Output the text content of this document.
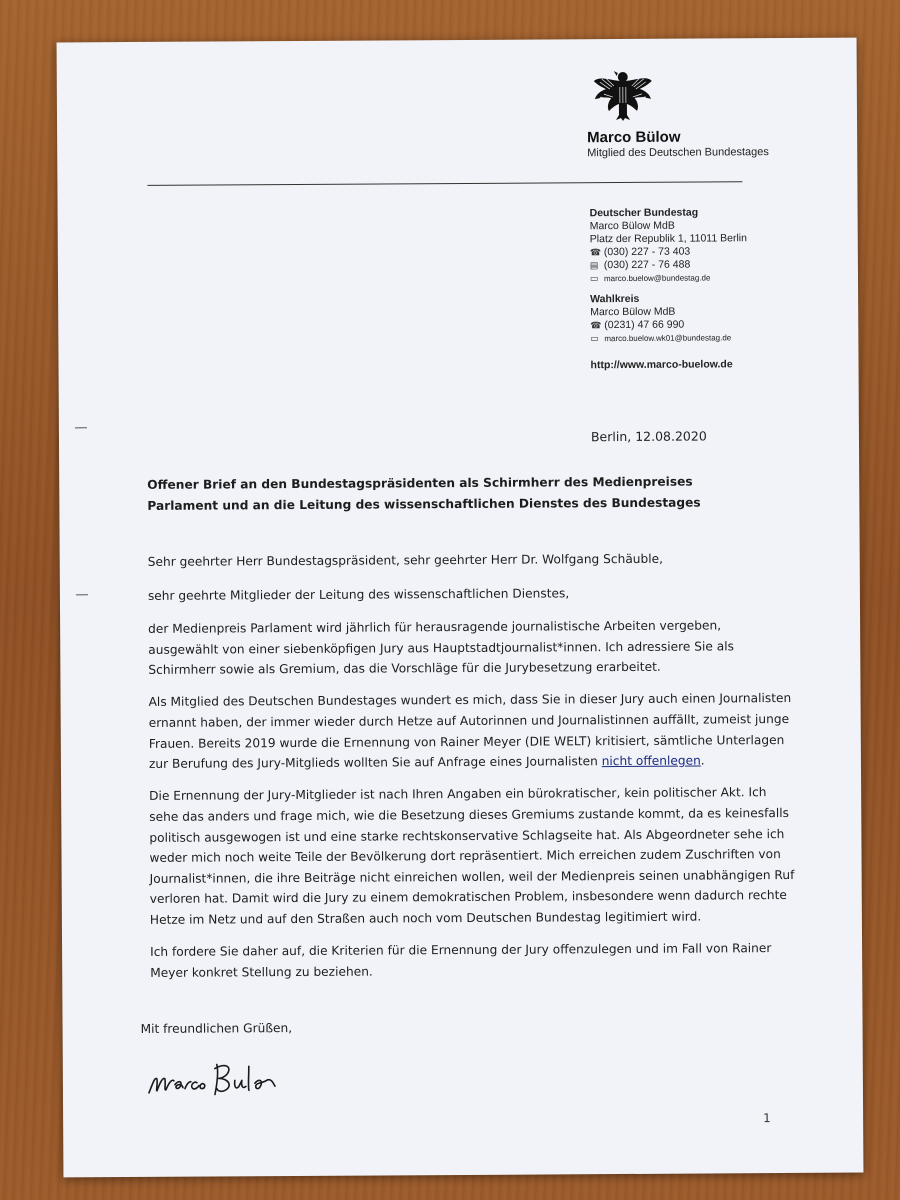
Marco Bülow
Mitglied des Deutschen Bundestages
Deutscher Bundestag
Marco Bülow MdB
Platz der Republik 1, 11011 Berlin
☎ (030) 227 - 73 403
▤ (030) 227 - 76 488
▭ marco.buelow@bundestag.de
Wahlkreis
Marco Bülow MdB
☎ (0231) 47 66 990
▭ marco.buelow.wk01@bundestag.de
http://www.marco-buelow.de
Berlin, 12.08.2020
Offener Brief an den Bundestagspräsidenten als Schirmherr des Medienpreises Parlament und an die Leitung des wissenschaftlichen Dienstes des Bundestages

Sehr geehrter Herr Bundestagspräsident, sehr geehrter Herr Dr. Wolfgang Schäuble,

sehr geehrte Mitglieder der Leitung des wissenschaftlichen Dienstes,

der Medienpreis Parlament wird jährlich für herausragende journalistische Arbeiten vergeben, ausgewählt von einer siebenköpfigen Jury aus Hauptstadtjournalist*innen. Ich adressiere Sie als Schirmherr sowie als Gremium, das die Vorschläge für die Jurybesetzung erarbeitet.

Als Mitglied des Deutschen Bundestages wundert es mich, dass Sie in dieser Jury auch einen Journalisten ernannt haben, der immer wieder durch Hetze auf Autorinnen und Journalistinnen auffällt, zumeist junge Frauen. Bereits 2019 wurde die Ernennung von Rainer Meyer (DIE WELT) kritisiert, sämtliche Unterlagen zur Berufung des Jury-Mitglieds wollten Sie auf Anfrage eines Journalisten nicht offenlegen.

Die Ernennung der Jury-Mitglieder ist nach Ihren Angaben ein bürokratischer, kein politischer Akt. Ich sehe das anders und frage mich, wie die Besetzung dieses Gremiums zustande kommt, da es keinesfalls politisch ausgewogen ist und eine starke rechtskonservative Schlagseite hat. Als Abgeordneter sehe ich weder mich noch weite Teile der Bevölkerung dort repräsentiert. Mich erreichen zudem Zuschriften von Journalist*innen, die ihre Beiträge nicht einreichen wollen, weil der Medienpreis seinen unabhängigen Ruf verloren hat. Damit wird die Jury zu einem demokratischen Problem, insbesondere wenn dadurch rechte Hetze im Netz und auf den Straßen auch noch vom Deutschen Bundestag legitimiert wird.

Ich fordere Sie daher auf, die Kriterien für die Ernennung der Jury offenzulegen und im Fall von Rainer Meyer konkret Stellung zu beziehen.

Mit freundlichen Grüßen,
1
